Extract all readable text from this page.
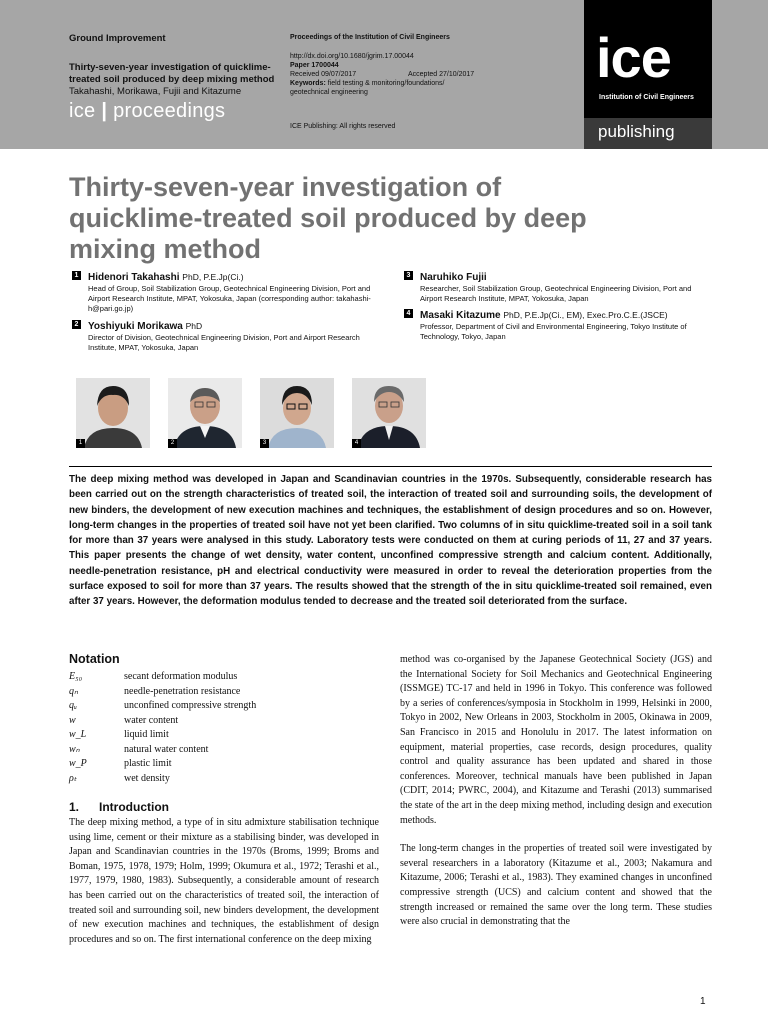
Ground Improvement
Thirty-seven-year investigation of quicklime-treated soil produced by deep mixing method
Takahashi, Morikawa, Fujii and Kitazume
ice | proceedings
Proceedings of the Institution of Civil Engineers
http://dx.doi.org/10.1680/jgrim.17.00044
Paper 1700044
Received 09/07/2017	Accepted 27/10/2017
Keywords: field testing & monitoring/foundations/ geotechnical engineering
ICE Publishing: All rights reserved
ice
Institution of Civil Engineers
publishing
Thirty-seven-year investigation of quicklime-treated soil produced by deep mixing method
1 Hidenori Takahashi PhD, P.E.Jp(Ci.)
Head of Group, Soil Stabilization Group, Geotechnical Engineering Division, Port and Airport Research Institute, MPAT, Yokosuka, Japan (corresponding author: takahashi-h@pari.go.jp)
2 Yoshiyuki Morikawa PhD
Director of Division, Geotechnical Engineering Division, Port and Airport Research Institute, MPAT, Yokosuka, Japan
3 Naruhiko Fujii
Researcher, Soil Stabilization Group, Geotechnical Engineering Division, Port and Airport Research Institute, MPAT, Yokosuka, Japan
4 Masaki Kitazume PhD, P.E.Jp(Ci., EM), Exec.Pro.C.E.(JSCE)
Professor, Department of Civil and Environmental Engineering, Tokyo Institute of Technology, Tokyo, Japan
1	2	3	4
The deep mixing method was developed in Japan and Scandinavian countries in the 1970s. Subsequently, considerable research has been carried out on the strength characteristics of treated soil, the interaction of treated soil and surrounding soils, the development of new binders, the development of new execution machines and techniques, the establishment of design procedures and so on. However, long-term changes in the properties of treated soil have not yet been clarified. Two columns of in situ quicklime-treated soil in a soil tank for more than 37 years were analysed in this study. Laboratory tests were conducted on them at curing periods of 11, 27 and 37 years. This paper presents the change of wet density, water content, unconfined compressive strength and calcium content. Additionally, needle-penetration resistance, pH and electrical conductivity were measured in order to reveal the deterioration properties from the surface exposed to soil for more than 37 years. The results showed that the strength of the in situ quicklime-treated soil remained, even after 37 years. However, the deformation modulus tended to decrease and the treated soil deteriorated from the surface.
Notation
E₅₀	secant deformation modulus
qₙ	needle-penetration resistance
qᵤ	unconfined compressive strength
w	water content
w_L	liquid limit
wₙ	natural water content
w_P	plastic limit
ρₜ	wet density
1. Introduction

The deep mixing method, a type of in situ admixture stabilisation technique using lime, cement or their mixture as a stabilising binder, was developed in Japan and Scandinavian countries in the 1970s (Broms, 1999; Broms and Boman, 1975, 1978, 1979; Holm, 1999; Okumura et al., 1972; Terashi et al., 1977, 1979, 1980, 1983). Subsequently, a considerable amount of research has been carried out on the characteristics of treated soil, the interaction of treated soil and surrounding soil, new binders development, the development of new execution machines and techniques, the establishment of design procedures and so on. The first international conference on the deep mixing

method was co-organised by the Japanese Geotechnical Society (JGS) and the International Society for Soil Mechanics and Geotechnical Engineering (ISSMGE) TC-17 and held in 1996 in Tokyo. This conference was followed by a series of conferences/symposia in Stockholm in 1999, Helsinki in 2000, Tokyo in 2002, New Orleans in 2003, Stockholm in 2005, Okinawa in 2009, San Francisco in 2015 and Honolulu in 2017. The latest information on equipment, material properties, case records, design procedures, quality control and quality assurance has been updated and shared in those conferences. Moreover, technical manuals have been published in Japan (CDIT, 2014; PWRC, 2004), and Kitazume and Terashi (2013) summarised the state of the art in the deep mixing method, including design and execution methods.

The long-term changes in the properties of treated soil were investigated by several researchers in a laboratory (Kitazume et al., 2003; Nakamura and Kitazume, 2006; Terashi et al., 1983). They examined changes in unconfined compressive strength (UCS) and calcium content and showed that the strength increased or remained the same over the long term. These studies were also crucial in demonstrating that the

1
